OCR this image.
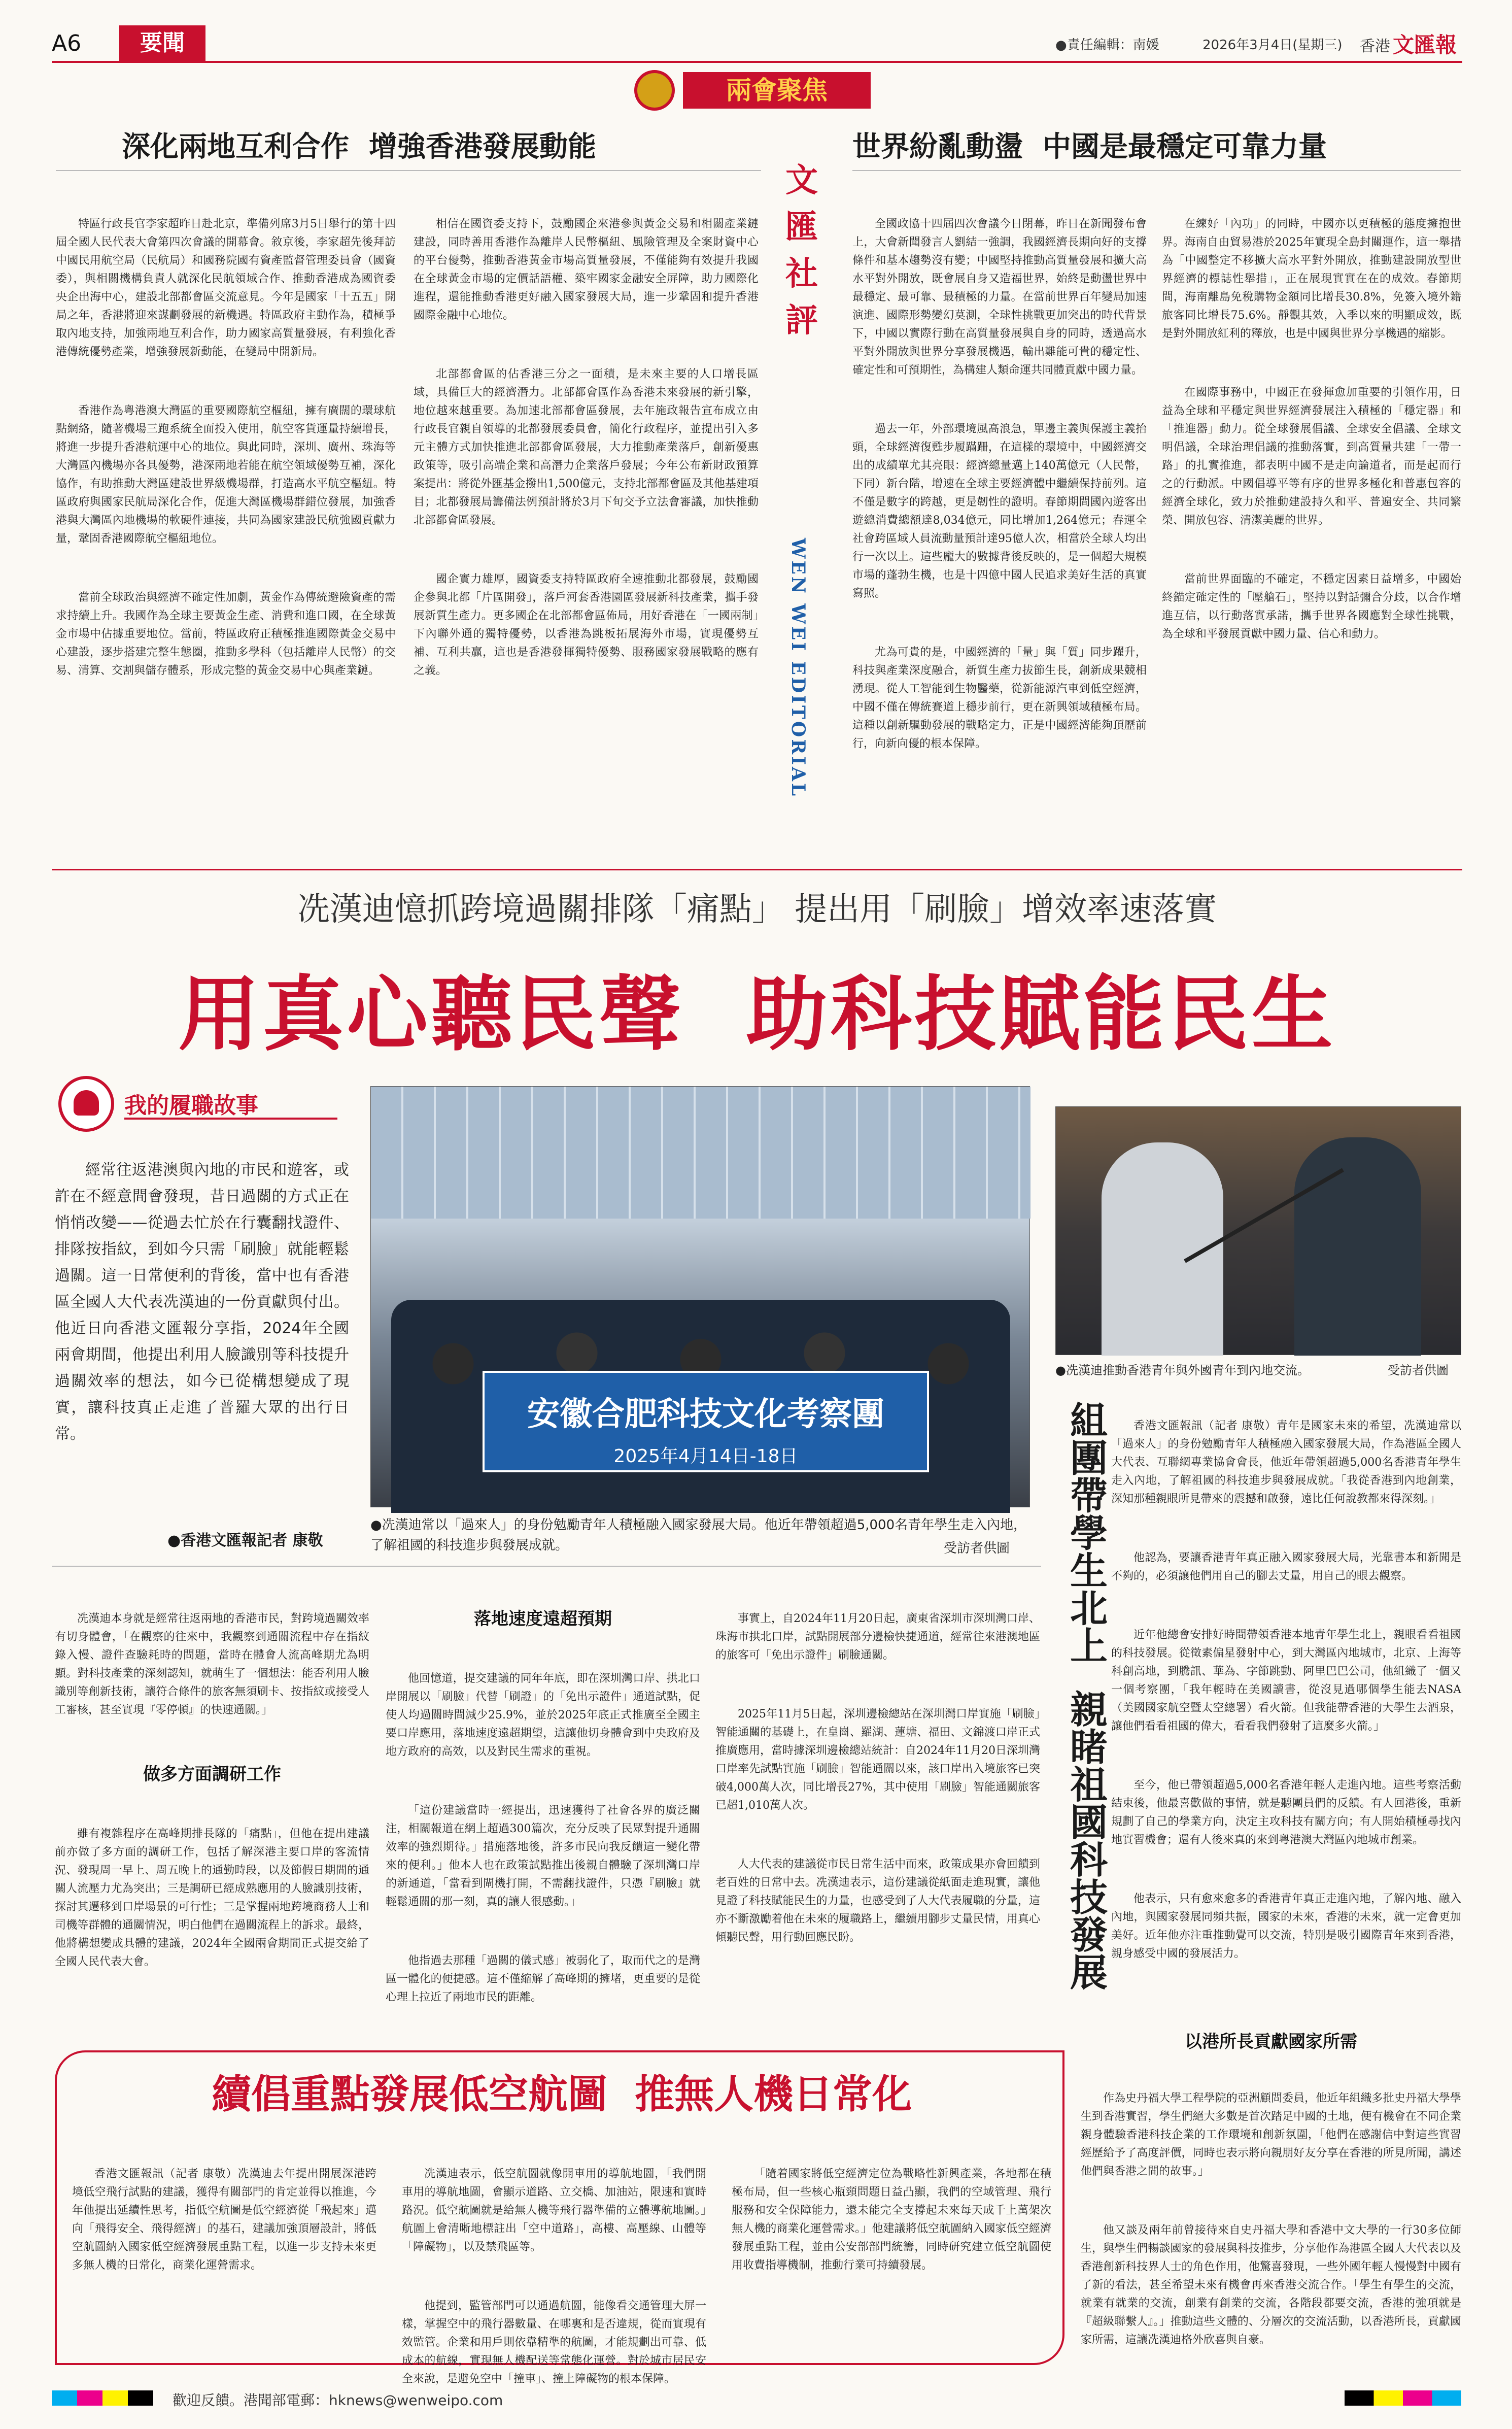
A6	要聞	●責任編輯：南媛	2026年3月4日(星期三) 香港 文匯報
兩會聚焦
深化兩地互利合作  增強香港發展動能

特區行政長官李家超昨日赴北京，準備列席3月5日舉行的第十四屆全國人民代表大會第四次會議的開幕會。敘京後，李家超先後拜訪中國民用航空局（民航局）和國務院國有資產監督管理委員會（國資委），與相關機構負責人就深化民航領域合作、推動香港成為國資委央企出海中心，建設北部都會區交流意見。今年是國家「十五五」開局之年，香港將迎來謀劃發展的新機遇。特區政府主動作為，積極爭取內地支持，加強兩地互利合作，助力國家高質量發展，有利強化香港傳統優勢產業，增強發展新動能，在變局中開新局。

香港作為粵港澳大灣區的重要國際航空樞紐，擁有廣闊的環球航點網絡，隨著機場三跑系統全面投入使用，航空客貨運量持續增長，將進一步提升香港航運中心的地位。與此同時，深圳、廣州、珠海等大灣區內機場亦各具優勢，港深兩地若能在航空領域優勢互補，深化協作，有助推動大灣區建設世界級機場群，打造高水平航空樞紐。特區政府與國家民航局深化合作，促進大灣區機場群錯位發展，加強香港與大灣區內地機場的軟硬件連接，共同為國家建設民航強國貢獻力量，鞏固香港國際航空樞紐地位。

當前全球政治與經濟不確定性加劇，黃金作為傳統避險資產的需求持續上升。我國作為全球主要黃金生產、消費和進口國，在全球黃金市場中佔據重要地位。當前，特區政府正積極推進國際黃金交易中心建設，逐步搭建完整生態圈，推動多學科（包括離岸人民幣）的交易、清算、交割與儲存體系，形成完整的黃金交易中心與產業鏈。

相信在國資委支持下，鼓勵國企來港參與黃金交易和相關產業鏈建設，同時善用香港作為離岸人民幣樞紐、風險管理及全案財資中心的平台優勢，推動香港黃金市場高質量發展，不僅能夠有效提升我國在全球黃金市場的定價話語權、築牢國家金融安全屏障，助力國際化進程，還能推動香港更好融入國家發展大局，進一步鞏固和提升香港國際金融中心地位。

北部都會區的佔香港三分之一面積，是未來主要的人口增長區域，具備巨大的經濟潛力。北部都會區作為香港未來發展的新引擎，地位越來越重要。為加速北部都會區發展，去年施政報告宣布成立由行政長官親自領導的北都發展委員會，簡化行政程序，並提出引入多元主體方式加快推進北部都會區發展，大力推動產業落戶，創新優惠政策等，吸引高端企業和高潛力企業落戶發展；今年公布新財政預算案提出：將從外匯基金撥出1,500億元，支持北部都會區及其他基建項目；北都發展局籌備法例預計將於3月下旬交予立法會審議，加快推動北部都會區發展。

國企實力雄厚，國資委支持特區政府全速推動北都發展，鼓勵國企參與北都「片區開發」，落戶河套香港園區發展新科技產業，攜手發展新質生產力。更多國企在北部都會區佈局，用好香港在「一國兩制」下內聯外通的獨特優勢，以香港為跳板拓展海外市場，實現優勢互補、互利共贏，這也是香港發揮獨特優勢、服務國家發展戰略的應有之義。

文匯社評
WEN WEI EDITORIAL
世界紛亂動盪  中國是最穩定可靠力量

全國政協十四屆四次會議今日閉幕，昨日在新聞發布會上，大會新聞發言人劉結一強調，我國經濟長期向好的支撐條件和基本趨勢沒有變；中國堅持推動高質量發展和擴大高水平對外開放，既會展自身又造福世界，始終是動盪世界中最穩定、最可靠、最積極的力量。在當前世界百年變局加速演進、國際形勢變幻莫測，全球性挑戰更加突出的時代背景下，中國以實際行動在高質量發展與自身的同時，透過高水平對外開放與世界分享發展機遇，輸出難能可貴的穩定性、確定性和可預期性，為構建人類命運共同體貢獻中國力量。

過去一年，外部環境風高浪急，單邊主義與保護主義抬頭，全球經濟復甦步履蹣跚，在這樣的環境中，中國經濟交出的成績單尤其亮眼：經濟總量邁上140萬億元（人民幣，下同）新台階，增速在全球主要經濟體中繼續保持前列。這不僅是數字的跨越，更是韌性的證明。春節期間國內遊客出遊總消費總額達8,034億元，同比增加1,264億元；春運全社會跨區域人員流動量預計達95億人次，相當於全球人均出行一次以上。這些龐大的數據背後反映的，是一個超大規模市場的蓬勃生機，也是十四億中國人民追求美好生活的真實寫照。

尤為可貴的是，中國經濟的「量」與「質」同步躍升，科技與產業深度融合，新質生產力拔節生長，創新成果競相湧現。從人工智能到生物醫藥，從新能源汽車到低空經濟，中國不僅在傳統賽道上穩步前行，更在新興領域積極布局。這種以創新驅動發展的戰略定力，正是中國經濟能夠頂歷前行，向新向優的根本保障。

在練好「內功」的同時，中國亦以更積極的態度擁抱世界。海南自由貿易港於2025年實現全島封關運作，這一舉措為「中國整定不移擴大高水平對外開放，推動建設開放型世界經濟的標誌性舉措」，正在展現實實在在的成效。春節期間，海南離島免稅購物金額同比增長30.8%，免簽入境外籍旅客同比增長75.6%。靜觀其效，入季以來的明顯成效，既是對外開放紅利的釋放，也是中國與世界分享機遇的縮影。

在國際事務中，中國正在發揮愈加重要的引領作用，日益為全球和平穩定與世界經濟發展注入積極的「穩定器」和「推進器」動力。從全球發展倡議、全球安全倡議、全球文明倡議，全球治理倡議的推動落實，到高質量共建「一帶一路」的扎實推進，都表明中國不是走向論道者，而是起而行之的行動派。中國倡導平等有序的世界多極化和普惠包容的經濟全球化，致力於推動建設持久和平、普遍安全、共同繁榮、開放包容、清潔美麗的世界。

當前世界面臨的不確定，不穩定因素日益增多，中國始終錨定確定性的「壓艙石」，堅持以對話彌合分歧，以合作增進互信，以行動落實承諾，攜手世界各國應對全球性挑戰，為全球和平發展貢獻中國力量、信心和動力。

冼漢迪憶抓跨境過關排隊「痛點」 提出用「刷臉」增效率速落實
用真心聽民聲  助科技賦能民生
我的履職故事
經常往返港澳與內地的市民和遊客，或許在不經意間會發現，昔日過關的方式正在悄悄改變——從過去忙於在行囊翻找證件、排隊按指紋，到如今只需「刷臉」就能輕鬆過關。這一日常便利的背後，當中也有香港區全國人大代表冼漢迪的一份貢獻與付出。他近日向香港文匯報分享指，2024年全國兩會期間，他提出利用人臉識別等科技提升過關效率的想法，如今已從構想變成了現實，讓科技真正走進了普羅大眾的出行日常。
●香港文匯報記者 康敬
安徽合肥科技文化考察團
2025年4月14日-18日
●冼漢迪常以「過來人」的身份勉勵青年人積極融入國家發展大局。他近年帶領超過5,000名青年學生走入內地，了解祖國的科技進步與發展成就。	受訪者供圖
●冼漢迪推動香港青年與外國青年到內地交流。	受訪者供圖

冼漢迪本身就是經常往返兩地的香港市民，對跨境過關效率有切身體會，「在觀察的往來中，我觀察到通關流程中存在指紋錄入慢、證件查驗耗時的問題，當時在體會人流高峰期尤為明顯。對科技產業的深刻認知，就萌生了一個想法：能否利用人臉識別等創新技術，讓符合條件的旅客無須刷卡、按指紋或接受人工審核，甚至實現『零停頓』的快速通關。」

做多方面調研工作

雖有複雜程序在高峰期排長隊的「痛點」，但他在提出建議前亦做了多方面的調研工作，包括了解深港主要口岸的客流情況、發現周一早上、周五晚上的通勤時段，以及節假日期間的通關人流壓力尤為突出；三是調研已經成熟應用的人臉識別技術，探討其遷移到口岸場景的可行性；三是掌握兩地跨境商務人士和司機等群體的通關情況，明白他們在過關流程上的訴求。最終，他將構想變成具體的建議，2024年全國兩會期間正式提交給了全國人民代表大會。

落地速度遠超預期

他回憶道，提交建議的同年年底，即在深圳灣口岸、拱北口岸開展以「刷臉」代替「刷證」的「免出示證件」通道試點，促使人均過關時間減少25.9%，並於2025年底正式推廣至全國主要口岸應用，落地速度遠超期望，這讓他切身體會到中央政府及地方政府的高效，以及對民生需求的重視。

「這份建議當時一經提出，迅速獲得了社會各界的廣泛關注，相關報道在網上超過300篇次，充分反映了民眾對提升通關效率的強烈期待。」措施落地後，許多市民向我反饋這一變化帶來的便利。」他本人也在政策試點推出後親自體驗了深圳灣口岸的新通道，「當看到閘機打開，不需翻找證件，只憑『刷臉』就輕鬆通關的那一刻，真的讓人很感動。」

他指過去那種「過關的儀式感」被弱化了，取而代之的是灣區一體化的便捷感。這不僅縮解了高峰期的擁堵，更重要的是從心理上拉近了兩地市民的距離。

事實上，自2024年11月20日起，廣東省深圳市深圳灣口岸、珠海市拱北口岸，試點開展部分邊檢快捷通道，經常往來港澳地區的旅客可「免出示證件」刷臉通關。

2025年11月5日起，深圳邊檢總站在深圳灣口岸實施「刷臉」智能通關的基礎上，在皇崗、羅湖、蓮塘、福田、文錦渡口岸正式推廣應用，當時據深圳邊檢總站統計：自2024年11月20日深圳灣口岸率先試點實施「刷臉」智能通關以來，該口岸出入境旅客已突破4,000萬人次，同比增長27%，其中使用「刷臉」智能通關旅客已超1,010萬人次。

人大代表的建議從市民日常生活中而來，政策成果亦會回饋到老百姓的日常中去。冼漢迪表示，這份建議從紙面走進現實，讓他見證了科技賦能民生的力量，也感受到了人大代表履職的分量，這亦不斷激勵着他在未來的履職路上，繼續用腳步丈量民情，用真心傾聽民聲，用行動回應民盼。	組團帶學生北上  親睹祖國科技發展

	香港文匯報訊（記者 康敬）青年是國家未來的希望，冼漢迪常以「過來人」的身份勉勵青年人積極融入國家發展大局，作為港區全國人大代表、互聯網專業協會會長，他近年帶領超過5,000名香港青年學生走入內地，了解祖國的科技進步與發展成就。「我從香港到內地創業，深知那種親眼所見帶來的震撼和啟發，遠比任何說教都來得深刻。」

他認為，要讓香港青年真正融入國家發展大局，光靠書本和新聞是不夠的，必須讓他們用自己的腳去丈量，用自己的眼去觀察。

近年他總會安排好時間帶領香港本地青年學生北上，親眼看看祖國的科技發展。從徵素偏星發射中心，到大灣區內地城市，北京、上海等科創高地，到騰訊、華為、字節跳動、阿里巴巴公司，他組織了一個又一個考察團，「我年輕時在美國讀書，從沒見過哪個學生能去NASA（美國國家航空暨太空總署）看火箭。但我能帶香港的大學生去酒泉，讓他們看看祖國的偉大，看看我們發射了這麼多火箭。」

至今，他已帶領超過5,000名香港年輕人走進內地。這些考察活動結束後，他最喜歡做的事情，就是聽團員們的反饋。有人回港後，重新規劃了自己的學業方向，決定主攻科技有關方向；有人開始積極尋找內地實習機會；還有人後來真的來到粵港澳大灣區內地城市創業。

他表示，只有愈來愈多的香港青年真正走進內地，了解內地、融入內地，與國家發展同頻共振，國家的未來，香港的未來，就一定會更加美好。近年他亦注重推動覺可以交流，特別是吸引國際青年來到香港，親身感受中國的發展活力。

以港所長貢獻國家所需

作為史丹福大學工程學院的亞洲顧問委員，他近年組織多批史丹福大學學生到香港實習，學生們絕大多數是首次踏足中國的土地，便有機會在不同企業親身體驗香港科技企業的工作環境和創新氛圍，「他們在感謝信中對這些實習經歷給予了高度評價，同時也表示將向親朋好友分享在香港的所見所聞，講述他們與香港之間的故事。」

他又談及兩年前曾接待來自史丹福大學和香港中文大學的一行30多位師生，與學生們暢談國家的發展與科技推步，分享他作為港區全國人大代表以及香港創新科技界人士的角色作用，他驚喜發現，一些外國年輕人慢慢對中國有了新的看法，甚至希望未來有機會再來香港交流合作。「學生有學生的交流，就業有就業的交流，創業有創業的交流，各階段都要交流，香港的強項就是『超級聯繫人』。」推動這些文體的、分層次的交流活動，以香港所長，貢獻國家所需，這讓冼漢迪格外欣喜與自豪。

續倡重點發展低空航圖  推無人機日常化

香港文匯報訊（記者 康敬）冼漢迪去年提出開展深港跨境低空飛行試點的建議，獲得有關部門的肯定並得以推進，今年他提出延續性思考，指低空航圖是低空經濟從「飛起來」邁向「飛得安全、飛得經濟」的基石，建議加強頂層設計，將低空航圖納入國家低空經濟發展重點工程，以進一步支持未來更多無人機的日常化，商業化運營需求。

冼漢迪表示，低空航圖就像開車用的導航地圖，「我們開車用的導航地圖，會顯示道路、立交橋、加油站，限速和實時路況。低空航圖就是給無人機等飛行器準備的立體導航地圖。」航圖上會清晰地標註出「空中道路」，高樓、高壓線、山體等「障礙物」，以及禁飛區等。

他提到，監管部門可以通過航圖，能像看交通管理大屏一樣，掌握空中的飛行器數量、在哪裏和是否違規，從而實現有效監管。企業和用戶則依靠精準的航圖，才能規劃出可靠、低成本的航線，實現無人機配送等常態化運營。對於城市居民安全來說，是避免空中「撞車」、撞上障礙物的根本保障。

「隨着國家將低空經濟定位為戰略性新興產業，各地都在積極布局，但一些核心瓶頸問題日益凸顯，我們的空域管理、飛行服務和安全保障能力，還未能完全支撐起未來每天成千上萬架次無人機的商業化運營需求。」他建議將低空航圖納入國家低空經濟發展重點工程，並由公安部部門統籌，同時研究建立低空航圖使用收費指導機制，推動行業可持續發展。

歡迎反饋。港聞部電郵：hknews@wenweipo.com
